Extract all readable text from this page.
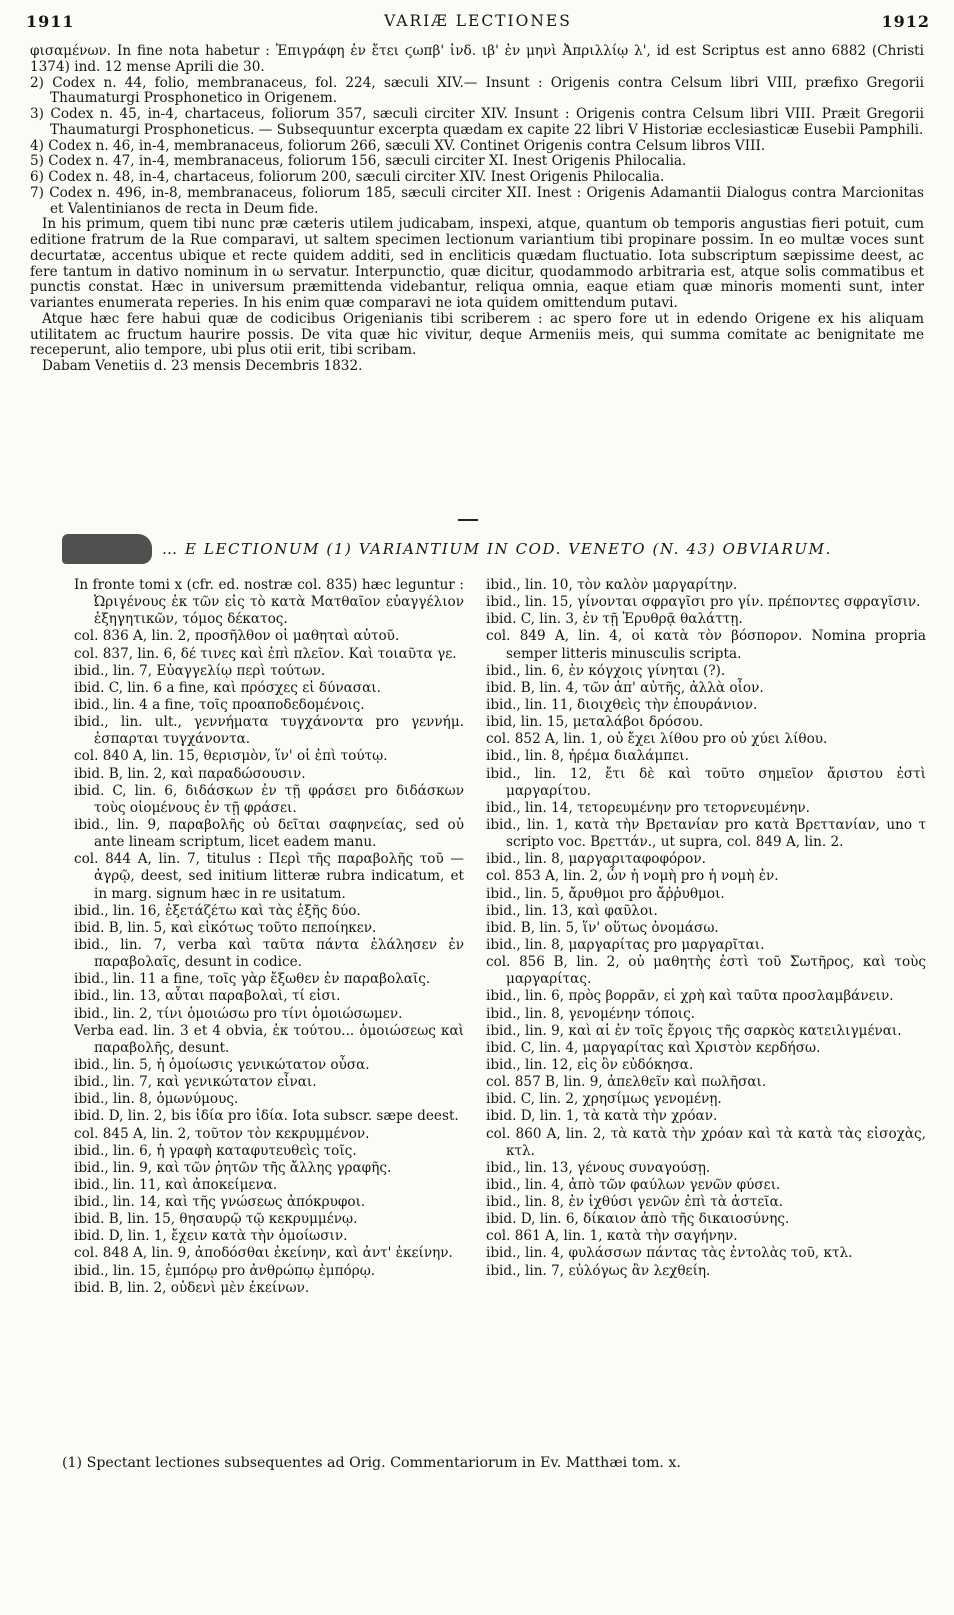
1911	VARIÆ LECTIONES	1912

φισαμένων. In fine nota habetur : Ἐπιγράφη ἐν ἔτει ϛωπβ' ἰνδ. ιβ' ἐν μηνὶ Ἀπριλλίῳ λ', id est Scriptus est anno 6882 (Christi 1374) ind. 12 mense Aprili die 30.

2) Codex n. 44, folio, membranaceus, fol. 224, sæculi XIV.— Insunt : Origenis contra Celsum libri VIII, præfixo Gregorii Thaumaturgi Prosphonetico in Origenem.

3) Codex n. 45, in-4, chartaceus, foliorum 357, sæculi circiter XIV. Insunt : Origenis contra Celsum libri VIII. Præit Gregorii Thaumaturgi Prosphoneticus. — Subsequuntur excerpta quædam ex capite 22 libri V Historiæ ecclesiasticæ Eusebii Pamphili.

4) Codex n. 46, in-4, membranaceus, foliorum 266, sæculi XV. Continet Origenis contra Celsum libros VIII.

5) Codex n. 47, in-4, membranaceus, foliorum 156, sæculi circiter XI. Inest Origenis Philocalia.

6) Codex n. 48, in-4, chartaceus, foliorum 200, sæculi circiter XIV. Inest Origenis Philocalia.

7) Codex n. 496, in-8, membranaceus, foliorum 185, sæculi circiter XII. Inest : Origenis Adamantii Dialogus contra Marcionitas et Valentinianos de recta in Deum fide.

In his primum, quem tibi nunc præ cæteris utilem judicabam, inspexi, atque, quantum ob temporis angustias fieri potuit, cum editione fratrum de la Rue comparavi, ut saltem specimen lectionum variantium tibi propinare possim. In eo multæ voces sunt decurtatæ, accentus ubique et recte quidem additi, sed in encliticis quædam fluctuatio. Iota subscriptum sæpissime deest, ac fere tantum in dativo nominum in ω servatur. Interpunctio, quæ dicitur, quodammodo arbitraria est, atque solis commatibus et punctis constat. Hæc in universum præmittenda videbantur, reliqua omnia, eaque etiam quæ minoris momenti sunt, inter variantes enumerata reperies. In his enim quæ comparavi ne iota quidem omittendum putavi.

Atque hæc fere habui quæ de codicibus Origenianis tibi scriberem : ac spero fore ut in edendo Origene ex his aliquam utilitatem ac fructum haurire possis. De vita quæ hic vivitur, deque Armeniis meis, qui summa comitate ac benignitate me receperunt, alio tempore, ubi plus otii erit, tibi scribam.

Dabam Venetiis d. 23 mensis Decembris 1832.

… E LECTIONUM (1) VARIANTIUM IN COD. VENETO (N. 43) OBVIARUM.

In fronte tomi x (cfr. ed. nostræ col. 835) hæc leguntur : Ὠριγένους ἐκ τῶν εἰς τὸ κατὰ Ματθαῖον εὐαγγέλιον ἐξηγητικῶν, τόμος δέκατος.

col. 836 A, lin. 2, προσῆλθον οἱ μαθηταὶ αὐτοῦ.

col. 837, lin. 6, δέ τινες καὶ ἐπὶ πλεῖον. Καὶ τοιαῦτα γε.

ibid., lin. 7, Εὐαγγελίῳ περὶ τούτων.

ibid. C, lin. 6 a fine, καὶ πρόσχες εἰ δύνασαι.

ibid., lin. 4 a fine, τοῖς προαποδεδομένοις.

ibid., lin. ult., γεννήματα τυγχάνοντα pro γεννήμ. ἐσπαρται τυγχάνοντα.

col. 840 A, lin. 15, θερισμὸν, ἵν' οἱ ἐπὶ τούτῳ.

ibid. B, lin. 2, καὶ παραδώσουσιν.

ibid. C, lin. 6, διδάσκων ἐν τῇ φράσει pro διδάσκων τοὺς οἰομένους ἐν τῇ φράσει.

ibid., lin. 9, παραβολῆς οὐ δεῖται σαφηνείας, sed οὐ ante lineam scriptum, licet eadem manu.

col. 844 A, lin. 7, titulus : Περὶ τῆς παραβολῆς τοῦ — ἀγρῷ, deest, sed initium litteræ rubra indicatum, et in marg. signum hæc in re usitatum.

ibid., lin. 16, ἐξετάζέτω καὶ τὰς ἑξῆς δύο.

ibid. B, lin. 5, καὶ εἰκότως τοῦτο πεποίηκεν.

ibid., lin. 7, verba καὶ ταῦτα πάντα ἐλάλησεν ἐν παραβολαῖς, desunt in codice.

ibid., lin. 11 a fine, τοῖς γὰρ ἔξωθεν ἐν παραβολαῖς.

ibid., lin. 13, αὗται παραβολαὶ, τί εἰσι.

ibid., lin. 2, τίνι ὁμοιώσω pro τίνι ὁμοιώσωμεν.

Verba ead. lin. 3 et 4 obvia, ἐκ τούτου... ὁμοιώσεως καὶ παραβολῆς, desunt.

ibid., lin. 5, ἡ ὁμοίωσις γενικώτατον οὖσα.

ibid., lin. 7, καὶ γενικώτατον εἶναι.

ibid., lin. 8, ὁμωνύμους.

ibid. D, lin. 2, bis ἰδία pro ἰδία. Iota subscr. sæpe deest.

col. 845 A, lin. 2, τοῦτον τὸν κεκρυμμένον.

ibid., lin. 6, ἡ γραφὴ καταφυτευθεὶς τοῖς.

ibid., lin. 9, καὶ τῶν ῥητῶν τῆς ἄλλης γραφῆς.

ibid., lin. 11, καὶ ἀποκείμενα.

ibid., lin. 14, καὶ τῆς γνώσεως ἀπόκρυφοι.

ibid. B, lin. 15, θησαυρῷ τῷ κεκρυμμένῳ.

ibid. D, lin. 1, ἔχειν κατὰ τὴν ὁμοίωσιν.

col. 848 A, lin. 9, ἀποδόσθαι ἐκείνην, καὶ ἀντ' ἐκείνην.

ibid., lin. 15, ἐμπόρῳ pro ἀνθρώπῳ ἐμπόρῳ.

ibid. B, lin. 2, οὐδενὶ μὲν ἐκείνων.

ibid., lin. 10, τὸν καλὸν μαργαρίτην.

ibid., lin. 15, γίνονται σφραγῖσι pro γίν. πρέποντες σφραγῖσιν.

ibid. C, lin. 3, ἐν τῇ Ἐρυθρᾷ θαλάττῃ.

col. 849 A, lin. 4, οἱ κατὰ τὸν βόσπορον. Nomina propria semper litteris minusculis scripta.

ibid., lin. 6, ἐν κόγχοις γίνηται (?).

ibid. B, lin. 4, τῶν ἀπ' αὐτῆς, ἀλλὰ οἶον.

ibid., lin. 11, διοιχθεὶς τὴν ἐπουράνιον.

ibid, lin. 15, μεταλάβοι δρόσου.

col. 852 A, lin. 1, οὐ ἔχει λίθου pro οὐ χύει λίθου.

ibid., lin. 8, ἠρέμα διαλάμπει.

ibid., lin. 12, ἔτι δὲ καὶ τοῦτο σημεῖον ἄριστου ἐστὶ μαργαρίτου.

ibid., lin. 14, τετορευμένην pro τετορνευμένην.

ibid., lin. 1, κατὰ τὴν Βρετανίαν pro κατὰ Βρεττανίαν, uno τ scripto voc. Βρεττάν., ut supra, col. 849 A, lin. 2.

ibid., lin. 8, μαργαριταφοφόρον.

col. 853 A, lin. 2, ὧν ἡ νομὴ pro ἡ νομὴ ἐν.

ibid., lin. 5, ἄρυθμοι pro ἄῤῥυθμοι.

ibid., lin. 13, καὶ φαῦλοι.

ibid. B, lin. 5, ἵν' οὕτως ὀνομάσω.

ibid., lin. 8, μαργαρίτας pro μαργαρῖται.

col. 856 B, lin. 2, οὐ μαθητὴς ἐστὶ τοῦ Σωτῆρος, καὶ τοὺς μαργαρίτας.

ibid., lin. 6, πρὸς βορρᾶν, εἰ χρὴ καὶ ταῦτα προσλαμβάνειν.

ibid., lin. 8, γενομένην τόποις.

ibid., lin. 9, καὶ αἱ ἐν τοῖς ἔργοις τῆς σαρκὸς κατειλιγμέναι.

ibid. C, lin. 4, μαργαρίτας καὶ Χριστὸν κερδήσω.

ibid., lin. 12, εἰς ὃν εὐδόκησα.

col. 857 B, lin. 9, ἀπελθεῖν καὶ πωλῆσαι.

ibid. C, lin. 2, χρησίμως γενομένῃ.

ibid. D, lin. 1, τὰ κατὰ τὴν χρόαν.

col. 860 A, lin. 2, τὰ κατὰ τὴν χρόαν καὶ τὰ κατὰ τὰς εἰσοχὰς, κτλ.

ibid., lin. 13, γένους συναγούσῃ.

ibid., lin. 4, ἀπὸ τῶν φαύλων γενῶν φύσει.

ibid., lin. 8, ἐν ἰχθύσι γενῶν ἐπὶ τὰ ἀστεῖα.

ibid. D, lin. 6, δίκαιον ἀπὸ τῆς δικαιοσύνης.

col. 861 A, lin. 1, κατὰ τὴν σαγήνην.

ibid., lin. 4, φυλάσσων πάντας τὰς ἐντολὰς τοῦ, κτλ.

ibid., lin. 7, εὐλόγως ἂν λεχθείη.

(1) Spectant lectiones subsequentes ad Orig. Commentariorum in Ev. Matthæi tom. x.
